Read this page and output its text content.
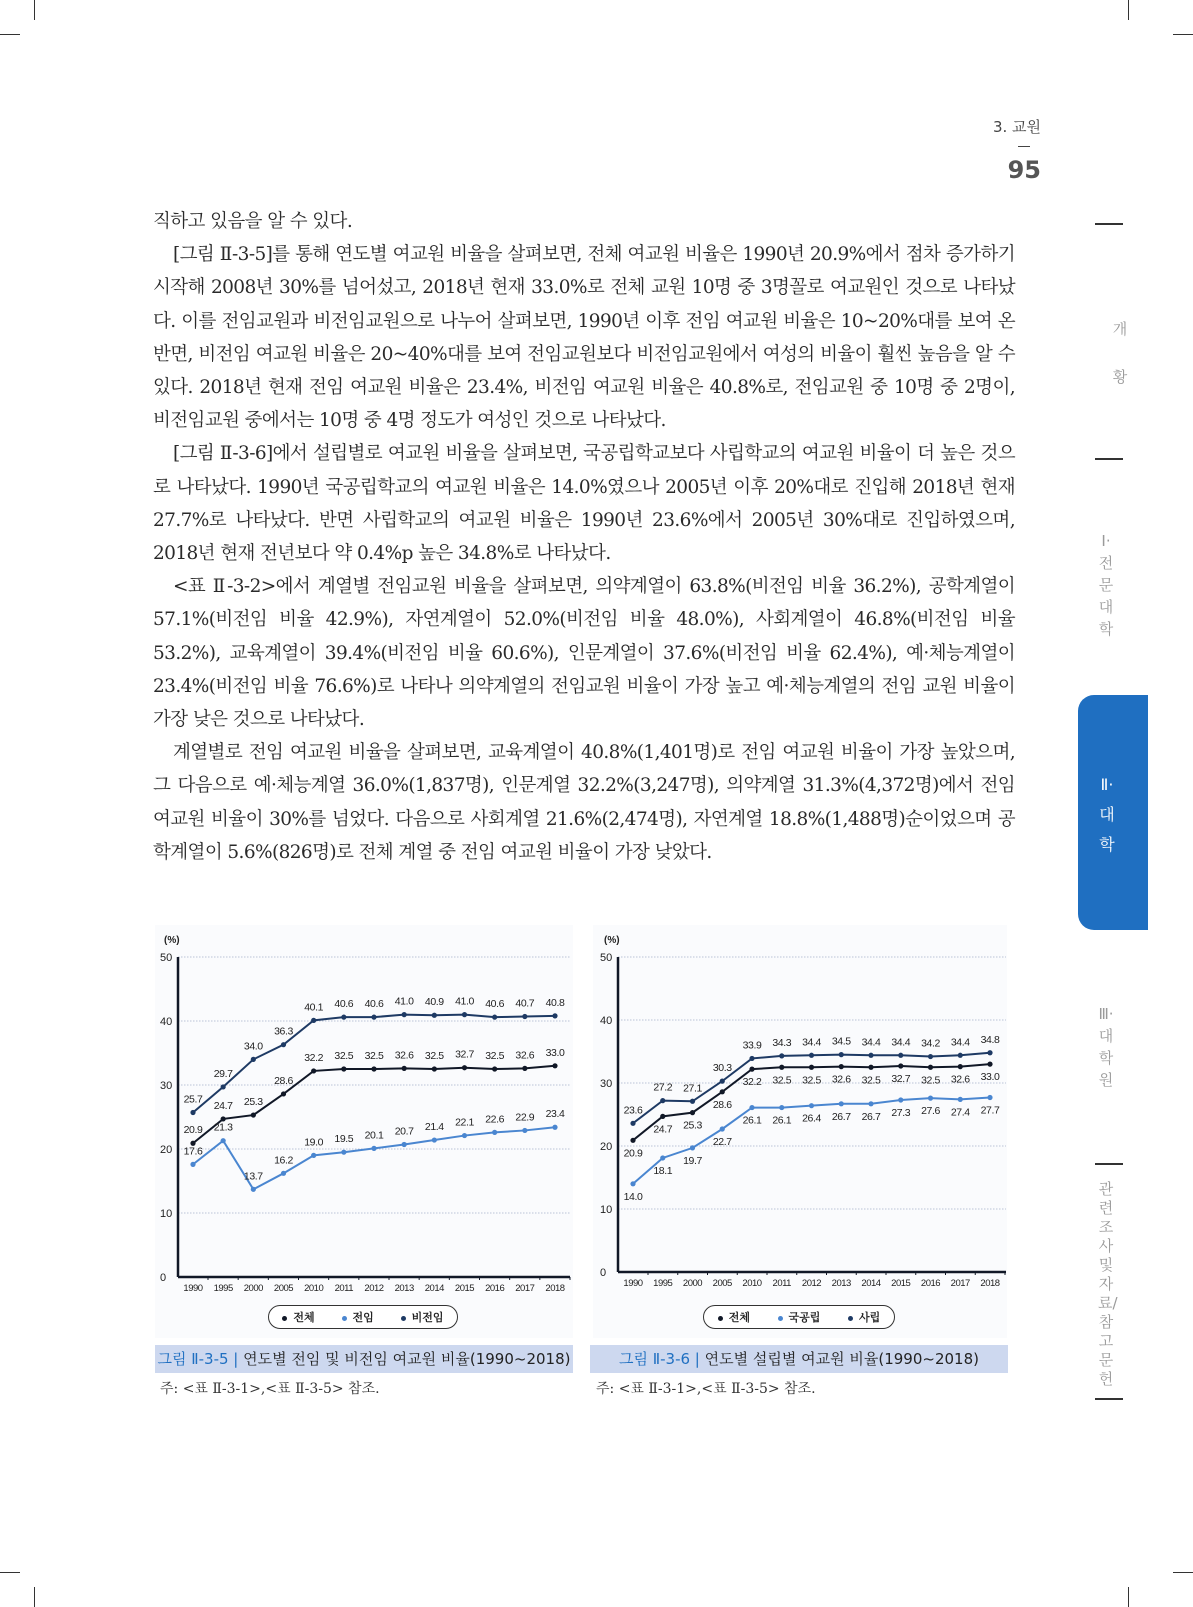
3. 교원
95

직하고 있음을 알 수 있다.

[그림 Ⅱ-3-5]를 통해 연도별 여교원 비율을 살펴보면, 전체 여교원 비율은 1990년 20.9%에서 점차 증가하기 시작해 2008년 30%를 넘어섰고, 2018년 현재 33.0%로 전체 교원 10명 중 3명꼴로 여교원인 것으로 나타났다. 이를 전임교원과 비전임교원으로 나누어 살펴보면, 1990년 이후 전임 여교원 비율은 10~20%대를 보여 온 반면, 비전임 여교원 비율은 20~40%대를 보여 전임교원보다 비전임교원에서 여성의 비율이 훨씬 높음을 알 수 있다. 2018년 현재 전임 여교원 비율은 23.4%, 비전임 여교원 비율은 40.8%로, 전임교원 중 10명 중 2명이, 비전임교원 중에서는 10명 중 4명 정도가 여성인 것으로 나타났다.

[그림 Ⅱ-3-6]에서 설립별로 여교원 비율을 살펴보면, 국공립학교보다 사립학교의 여교원 비율이 더 높은 것으로 나타났다. 1990년 국공립학교의 여교원 비율은 14.0%였으나 2005년 이후 20%대로 진입해 2018년 현재 27.7%로 나타났다. 반면 사립학교의 여교원 비율은 1990년 23.6%에서 2005년 30%대로 진입하였으며, 2018년 현재 전년보다 약 0.4%p 높은 34.8%로 나타났다.

<표 Ⅱ-3-2>에서 계열별 전임교원 비율을 살펴보면, 의약계열이 63.8%(비전임 비율 36.2%), 공학계열이 57.1%(비전임 비율 42.9%), 자연계열이 52.0%(비전임 비율 48.0%), 사회계열이 46.8%(비전임 비율 53.2%), 교육계열이 39.4%(비전임 비율 60.6%), 인문계열이 37.6%(비전임 비율 62.4%), 예·체능계열이 23.4%(비전임 비율 76.6%)로 나타나 의약계열의 전임교원 비율이 가장 높고 예·체능계열의 전임 교원 비율이 가장 낮은 것으로 나타났다.

계열별로 전임 여교원 비율을 살펴보면, 교육계열이 40.8%(1,401명)로 전임 여교원 비율이 가장 높았으며, 그 다음으로 예·체능계열 36.0%(1,837명), 인문계열 32.2%(3,247명), 의약계열 31.3%(4,372명)에서 전임 여교원 비율이 30%를 넘었다. 다음으로 사회계열 21.6%(2,474명), 자연계열 18.8%(1,488명)순이었으며 공학계열이 5.6%(826명)로 전체 계열 중 전임 여교원 비율이 가장 낮았다.

개 황
Ⅰ·전문대학
Ⅱ·대 학
Ⅲ·대학원
관련조사 및 자료/참고문헌
(%)
0
10
20
30
40
50
1990 1995 2000 2005 2010 2011 2012 2013 2014 2015 2016 2017 2018
20.9
24.7 25.3
28.6
32.2 32.5 32.5 32.6 32.5 32.7 32.5 32.6 33.0
17.6
21.3
13.7
16.2
19.0 19.5 20.1 20.7 21.4 22.1 22.6 22.9 23.4
25.7
29.7
34.0
36.3
40.1 40.6 40.6 41.0 40.9 41.0 40.6 40.7 40.8
전체	전임	비전임
그림 Ⅱ-3-5 | 연도별 전임 및 비전임 여교원 비율(1990~2018)
주: <표 Ⅱ-3-1>,<표 Ⅱ-3-5> 참조.
(%)
0
10
20
30
40
50
1990 1995 2000 2005 2010 2011 2012 2013 2014 2015 2016 2017 2018
20.9
24.7 25.3
28.6
32.2 32.5 32.5 32.6 32.5 32.7 32.5 32.6 33.0
14.0
18.1
19.7
22.7
26.1 26.1 26.4 26.7 26.7 27.3 27.6 27.4 27.7
23.6
27.2 27.1
30.3
33.9 34.3 34.4 34.5 34.4 34.4 34.2 34.4 34.8
전체	국공립	사립
그림 Ⅱ-3-6 | 연도별 설립별 여교원 비율(1990~2018)
주: <표 Ⅱ-3-1>,<표 Ⅱ-3-5> 참조.
